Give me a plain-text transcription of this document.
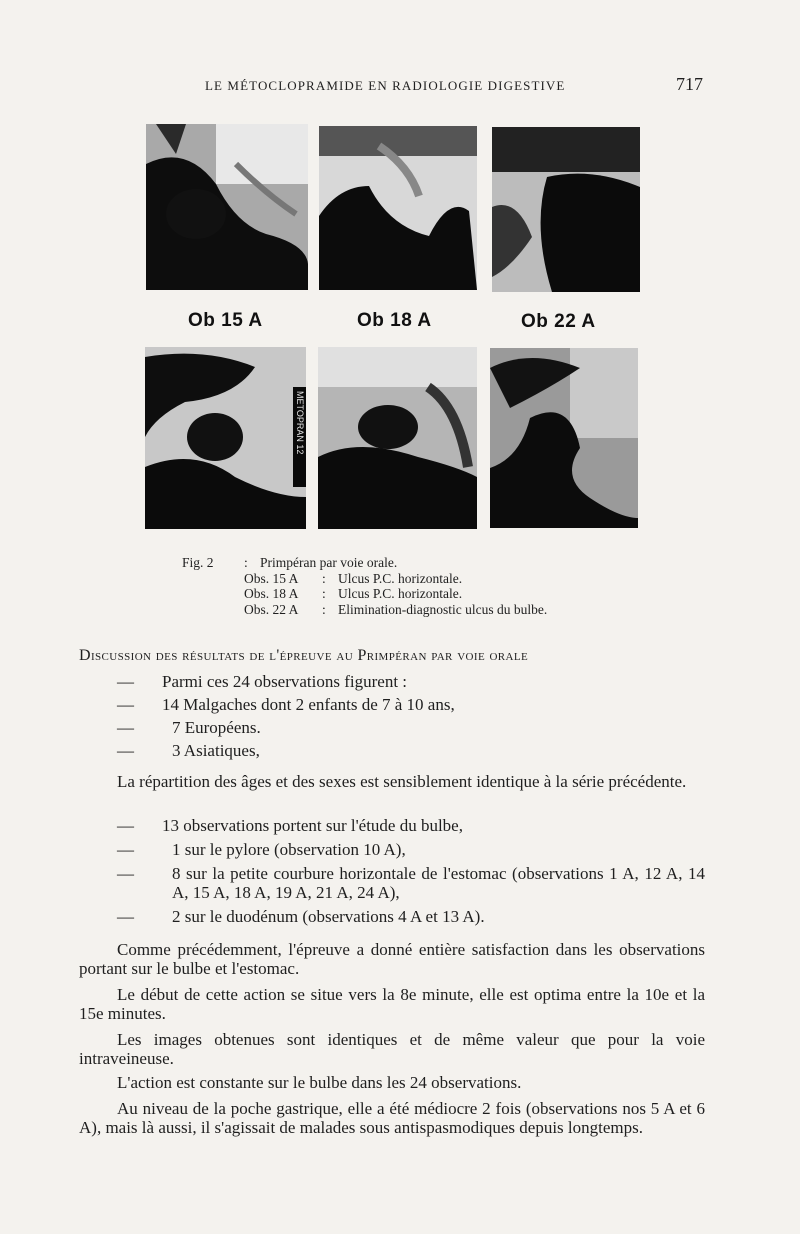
LE MÉTOCLOPRAMIDE EN RADIOLOGIE DIGESTIVE	717
Ob 15 A	Ob 18 A	Ob 22 A
METOPRAN 12
Fig. 2	: Primpéran par voie orale.
Obs. 15 A	: Ulcus P.C. horizontale.
Obs. 18 A	: Ulcus P.C. horizontale.
Obs. 22 A	: Elimination-diagnostic ulcus du bulbe.
Discussion des résultats de l'épreuve au Primpéran par voie orale
—	Parmi ces 24 observations figurent :
—	14 Malgaches dont 2 enfants de 7 à 10 ans,
—	7 Européens.
—	3 Asiatiques,
La répartition des âges et des sexes est sensiblement identique à la série précédente.
—	13 observations portent sur l'étude du bulbe,
—	1 sur le pylore (observation 10 A),
—	8 sur la petite courbure horizontale de l'estomac (observations 1 A, 12 A, 14 A, 15 A, 18 A, 19 A, 21 A, 24 A),
—	2 sur le duodénum (observations 4 A et 13 A).
Comme précédemment, l'épreuve a donné entière satisfaction dans les observations portant sur le bulbe et l'estomac.
Le début de cette action se situe vers la 8e minute, elle est optima entre la 10e et la 15e minutes.
Les images obtenues sont identiques et de même valeur que pour la voie intraveineuse.
L'action est constante sur le bulbe dans les 24 observations.
Au niveau de la poche gastrique, elle a été médiocre 2 fois (observations nos 5 A et 6 A), mais là aussi, il s'agissait de malades sous antispasmodiques depuis longtemps.
